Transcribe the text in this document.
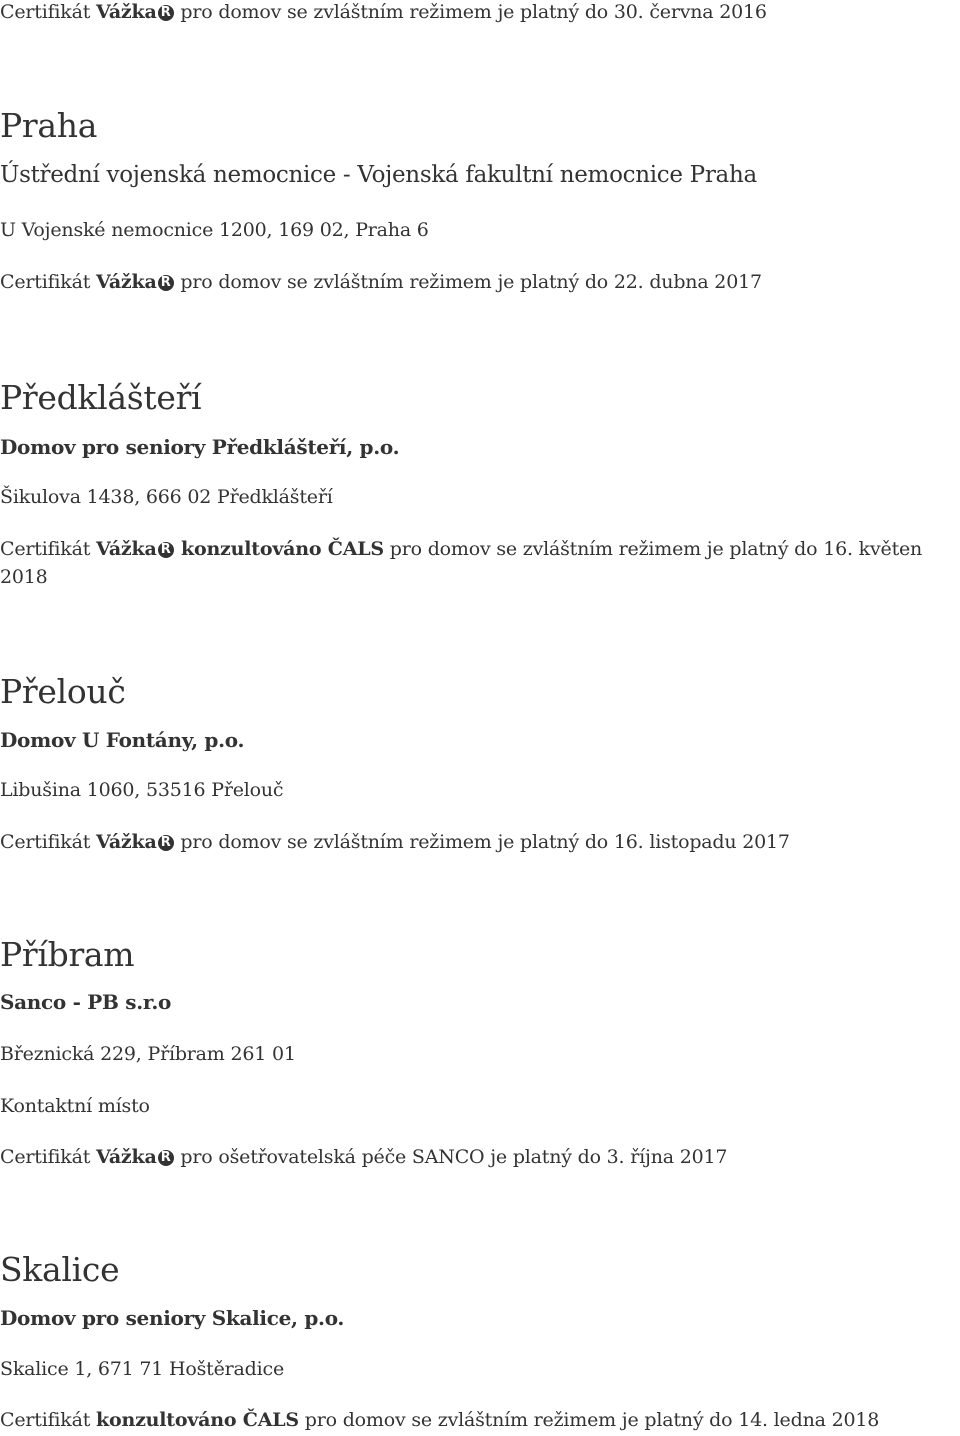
Certifikát Vážka R pro domov se zvláštním režimem je platný do 30. června 2016

Praha

Ústřední vojenská nemocnice - Vojenská fakultní nemocnice Praha

U Vojenské nemocnice 1200, 169 02, Praha 6

Certifikát Vážka R pro domov se zvláštním režimem je platný do 22. dubna 2017

Předklášteří

Domov pro seniory Předklášteří, p.o.

Šikulova 1438, 666 02 Předklášteří

Certifikát Vážka R konzultováno ČALS pro domov se zvláštním režimem je platný do 16. květen 2018

Přelouč

Domov U Fontány, p.o.

Libušina 1060, 53516 Přelouč

Certifikát Vážka R pro domov se zvláštním režimem je platný do 16. listopadu 2017

Příbram

Sanco - PB s.r.o

Březnická 229, Příbram 261 01

Kontaktní místo

Certifikát Vážka R pro ošetřovatelská péče SANCO je platný do 3. října 2017

Skalice

Domov pro seniory Skalice, p.o.

Skalice 1, 671 71 Hoštěradice

Certifikát konzultováno ČALS pro domov se zvláštním režimem je platný do 14. ledna 2018
